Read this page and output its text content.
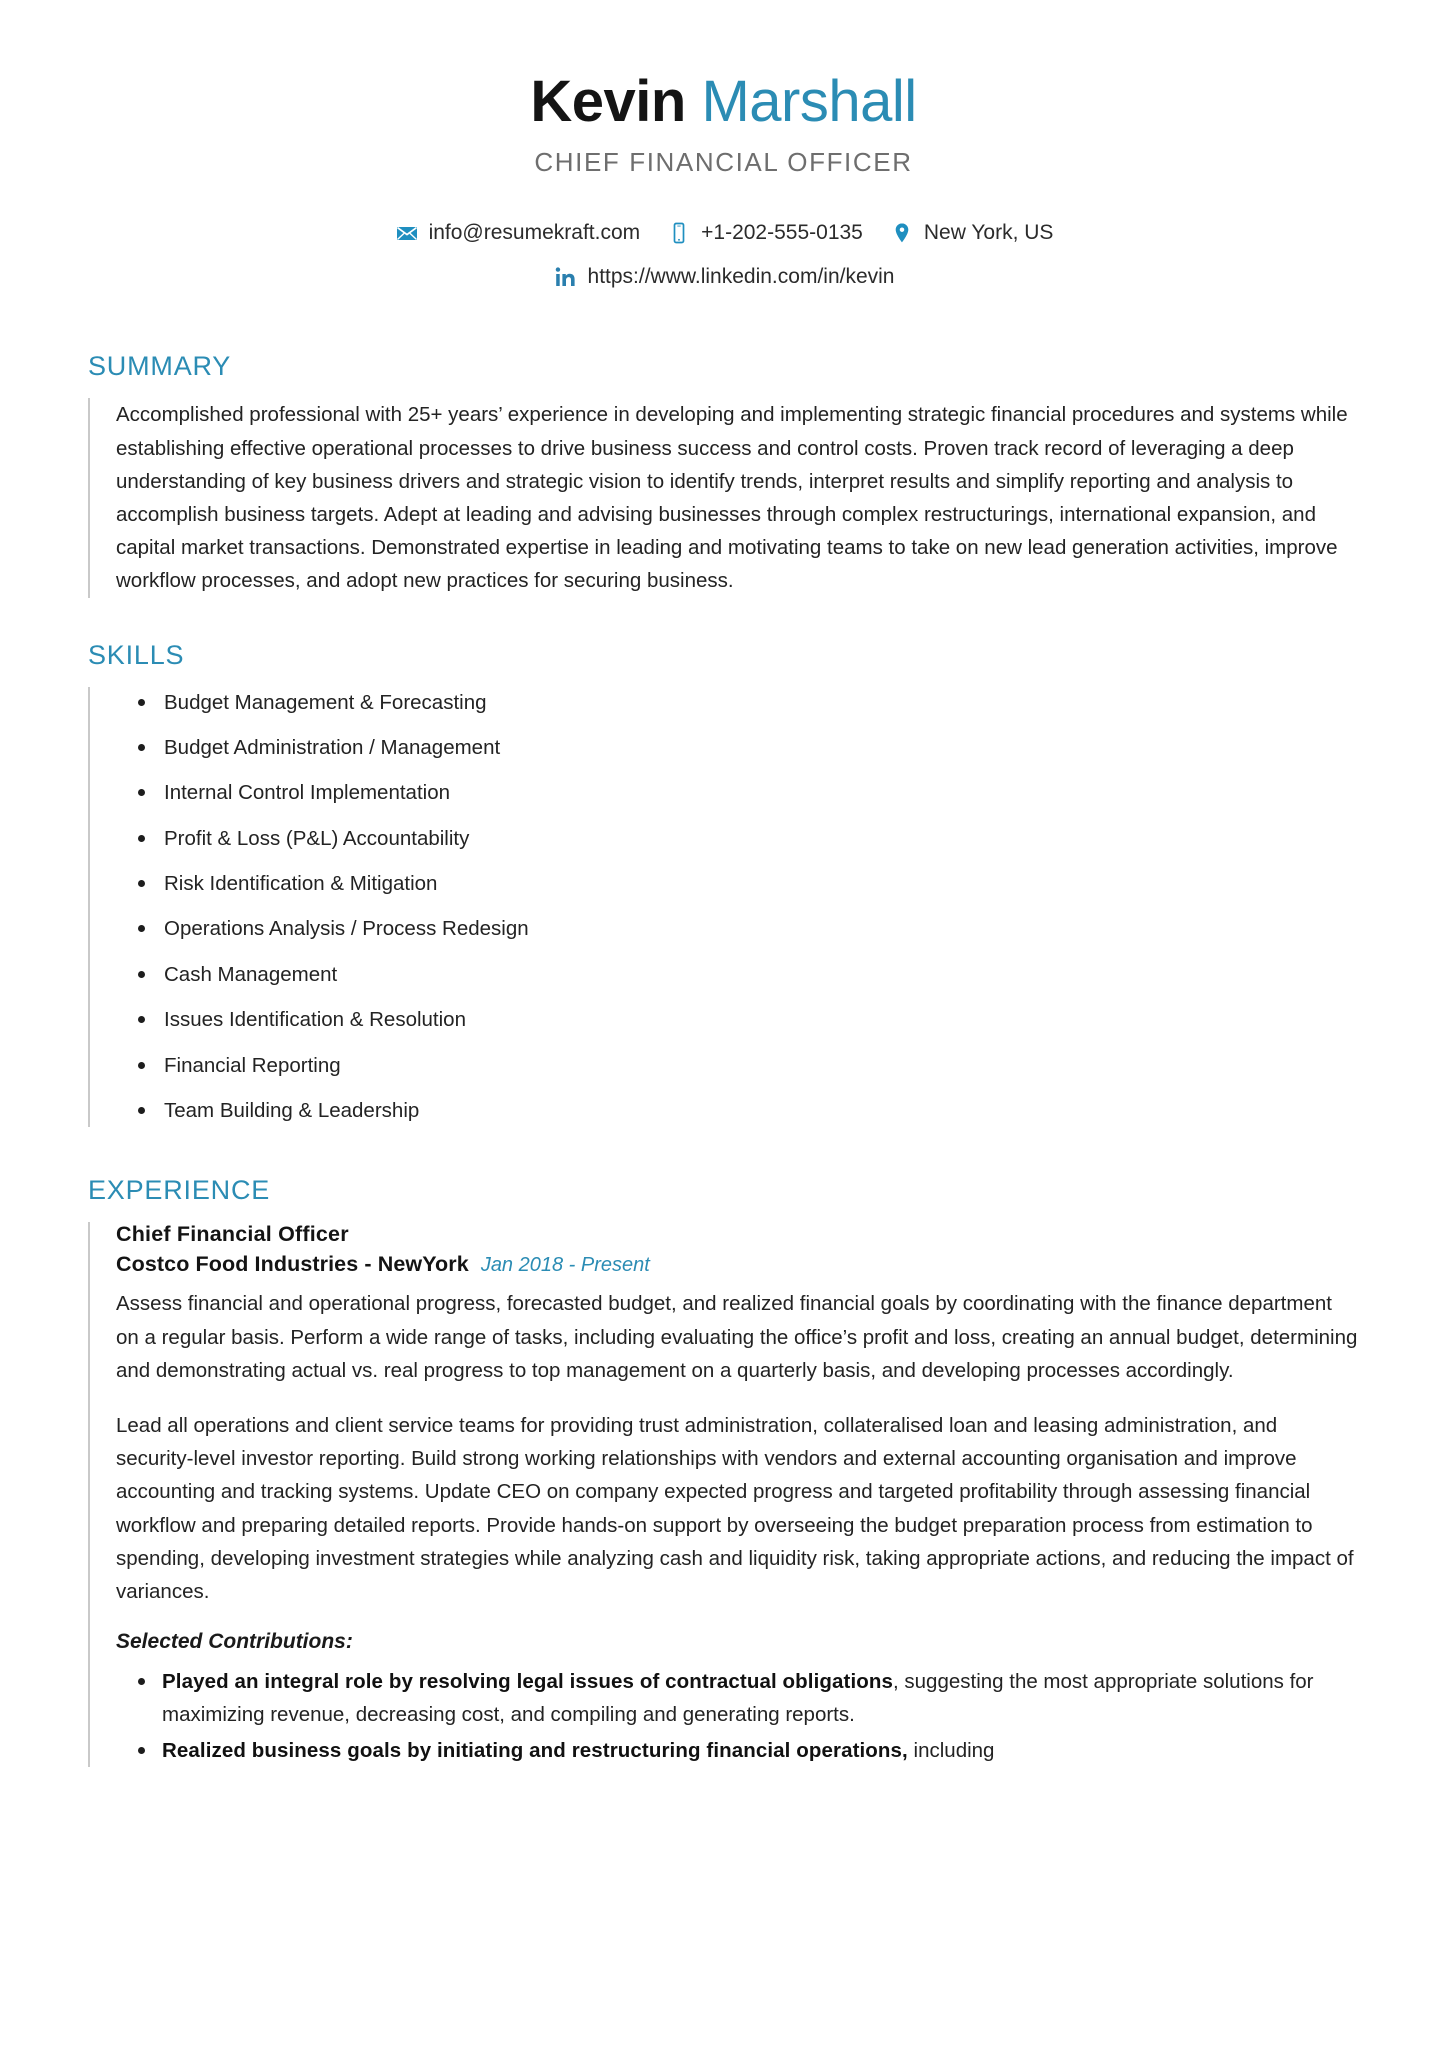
Kevin Marshall
CHIEF FINANCIAL OFFICER
info@resumekraft.com	+1-202-555-0135	New York, US
https://www.linkedin.com/in/kevin
SUMMARY

Accomplished professional with 25+ years’ experience in developing and implementing strategic financial procedures and systems while establishing effective operational processes to drive business success and control costs. Proven track record of leveraging a deep understanding of key business drivers and strategic vision to identify trends, interpret results and simplify reporting and analysis to accomplish business targets. Adept at leading and advising businesses through complex restructurings, international expansion, and capital market transactions. Demonstrated expertise in leading and motivating teams to take on new lead generation activities, improve workflow processes, and adopt new practices for securing business.

SKILLS
Budget Management & Forecasting
Budget Administration / Management
Internal Control Implementation
Profit & Loss (P&L) Accountability
Risk Identification & Mitigation
Operations Analysis / Process Redesign
Cash Management
Issues Identification & Resolution
Financial Reporting
Team Building & Leadership
EXPERIENCE
Chief Financial Officer
Costco Food Industries - NewYork Jan 2018 - Present

Assess financial and operational progress, forecasted budget, and realized financial goals by coordinating with the finance department on a regular basis. Perform a wide range of tasks, including evaluating the office’s profit and loss, creating an annual budget, determining and demonstrating actual vs. real progress to top management on a quarterly basis, and developing processes accordingly.

Lead all operations and client service teams for providing trust administration, collateralised loan and leasing administration, and security-level investor reporting. Build strong working relationships with vendors and external accounting organisation and improve accounting and tracking systems. Update CEO on company expected progress and targeted profitability through assessing financial workflow and preparing detailed reports. Provide hands-on support by overseeing the budget preparation process from estimation to spending, developing investment strategies while analyzing cash and liquidity risk, taking appropriate actions, and reducing the impact of variances.

Selected Contributions:
Played an integral role by resolving legal issues of contractual obligations, suggesting the most appropriate solutions for maximizing revenue, decreasing cost, and compiling and generating reports.
Realized business goals by initiating and restructuring financial operations, including
